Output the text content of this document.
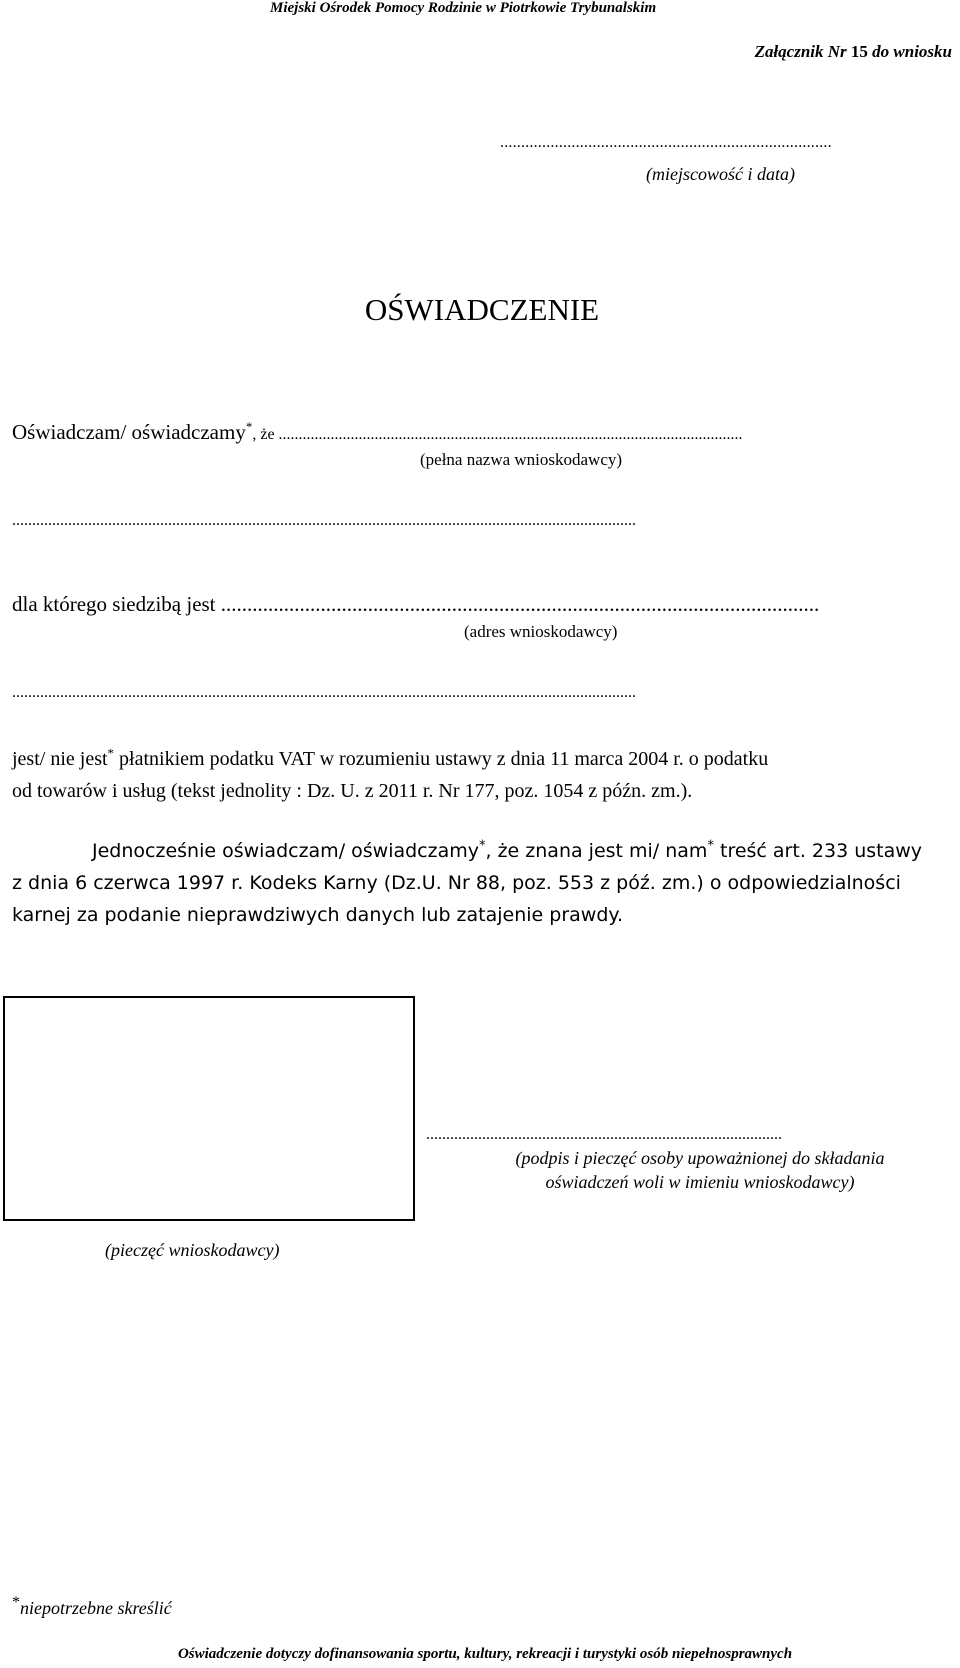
Miejski Ośrodek Pomocy Rodzinie w Piotrkowie Trybunalskim
Załącznik Nr 15 do wniosku
...............................................................................
(miejscowość i data)
OŚWIADCZENIE
Oświadczam/ oświadczamy*, że ....................................................................................................................
(pełna nazwa wnioskodawcy)
............................................................................................................................................................
dla którego siedzibą jest ..................................................................................................................
(adres wnioskodawcy)
............................................................................................................................................................
jest/ nie jest* płatnikiem podatku VAT w rozumieniu ustawy z dnia 11 marca 2004 r. o podatku
od towarów i usług (tekst jednolity : Dz. U. z 2011 r. Nr 177, poz. 1054 z późn. zm.).
Jednocześnie oświadczam/ oświadczamy*, że znana jest mi/ nam* treść art. 233 ustawy
z dnia 6 czerwca 1997 r. Kodeks Karny (Dz.U. Nr 88, poz. 553 z póź. zm.) o odpowiedzialności
karnej za podanie nieprawdziwych danych lub zatajenie prawdy.
.........................................................................................
(podpis i pieczęć osoby upoważnionej do składania
oświadczeń woli w imieniu wnioskodawcy)
(pieczęć wnioskodawcy)
*niepotrzebne skreślić
Oświadczenie dotyczy dofinansowania sportu, kultury, rekreacji i turystyki osób niepełnosprawnych
